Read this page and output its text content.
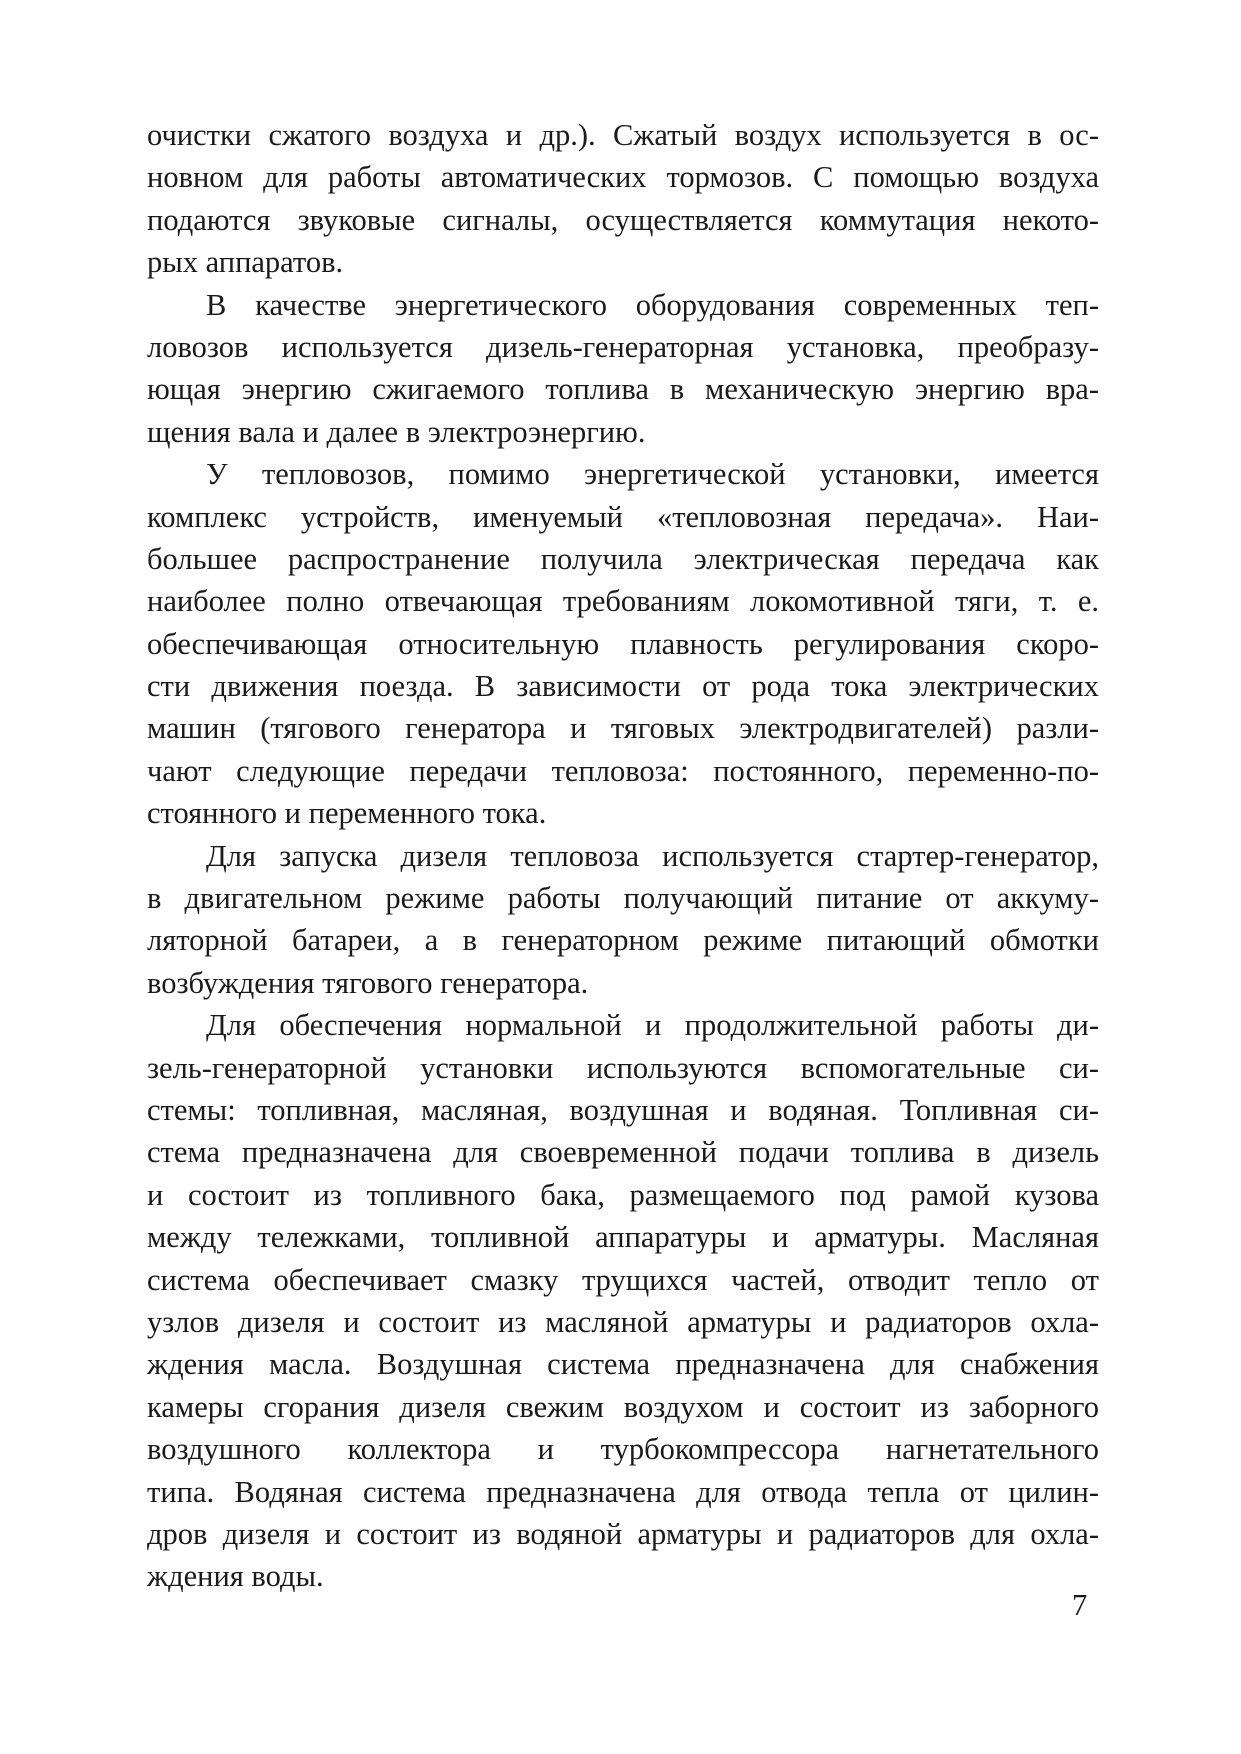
очистки сжатого воздуха и др.). Сжатый воздух используется в ос-
новном для работы автоматических тормозов. С помощью воздуха
подаются звуковые сигналы, осуществляется коммутация некото-
рых аппаратов.

В качестве энергетического оборудования современных теп-
ловозов используется дизель-генераторная установка, преобразу-
ющая энергию сжигаемого топлива в механическую энергию вра-
щения вала и далее в электроэнергию.

У тепловозов, помимо энергетической установки, имеется
комплекс устройств, именуемый «тепловозная передача». Наи-
большее распространение получила электрическая передача как
наиболее полно отвечающая требованиям локомотивной тяги, т. е.
обеспечивающая относительную плавность регулирования скоро-
сти движения поезда. В зависимости от рода тока электрических
машин (тягового генератора и тяговых электродвигателей) разли-
чают следующие передачи тепловоза: постоянного, переменно-по-
стоянного и переменного тока.

Для запуска дизеля тепловоза используется стартер-генератор,
в двигательном режиме работы получающий питание от аккуму-
ляторной батареи, а в генераторном режиме питающий обмотки
возбуждения тягового генератора.

Для обеспечения нормальной и продолжительной работы ди-
зель-генераторной установки используются вспомогательные си-
стемы: топливная, масляная, воздушная и водяная. Топливная си-
стема предназначена для своевременной подачи топлива в дизель
и состоит из топливного бака, размещаемого под рамой кузова
между тележками, топливной аппаратуры и арматуры. Масляная
система обеспечивает смазку трущихся частей, отводит тепло от
узлов дизеля и состоит из масляной арматуры и радиаторов охла-
ждения масла. Воздушная система предназначена для снабжения
камеры сгорания дизеля свежим воздухом и состоит из заборного
воздушного коллектора и турбокомпрессора нагнетательного
типа. Водяная система предназначена для отвода тепла от цилин-
дров дизеля и состоит из водяной арматуры и радиаторов для охла-
ждения воды.

7
